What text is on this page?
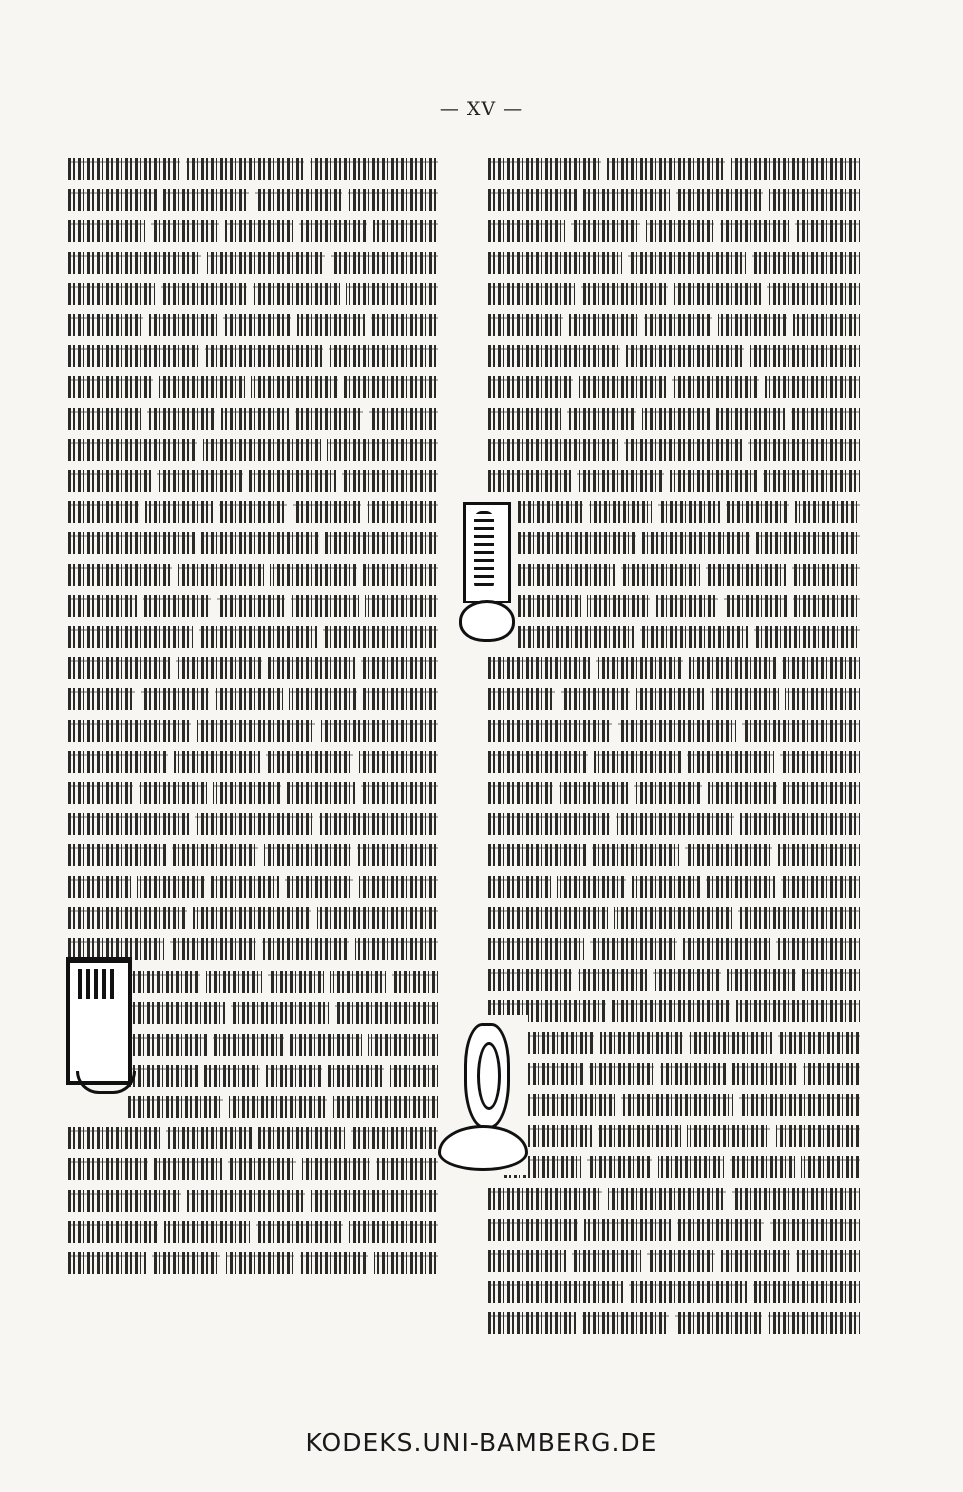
— XV —
KODEKS.UNI-BAMBERG.DE
